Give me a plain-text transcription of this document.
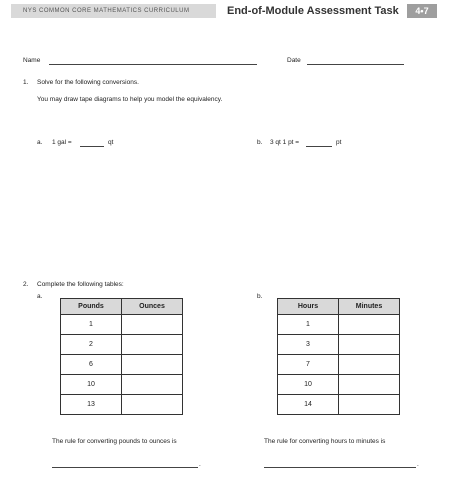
NYS COMMON CORE MATHEMATICS CURRICULUM	End-of-Module Assessment Task	4•7
Name	Date
1. Solve for the following conversions.
You may draw tape diagrams to help you model the equivalency.
a. 1 gal =	qt	b. 3 qt 1 pt =	pt
2. Complete the following tables:
a.	b.
Pounds	Ounces
1	
2	
6	
10	
13	
Hours	Minutes
1	
3	
7	
10	
14	
The rule for converting pounds to ounces is
.
The rule for converting hours to minutes is
.
